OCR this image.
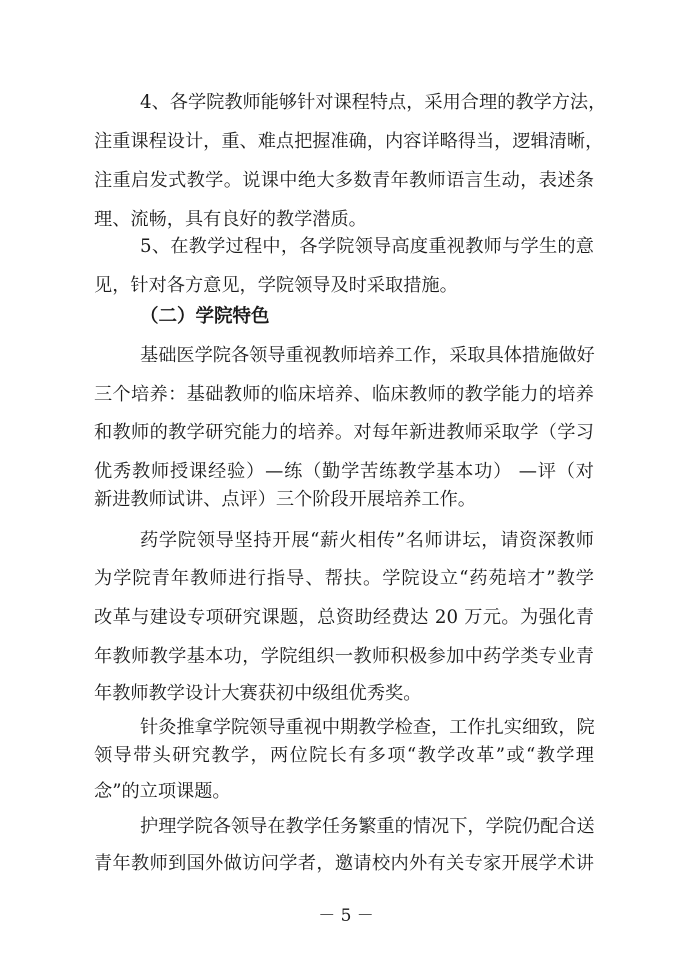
4、各学院教师能够针对课程特点，采用合理的教学方法，
注重课程设计，重、难点把握准确，内容详略得当，逻辑清晰，
注重启发式教学。说课中绝大多数青年教师语言生动，表述条
理、流畅，具有良好的教学潜质。
5、在教学过程中，各学院领导高度重视教师与学生的意
见，针对各方意见，学院领导及时采取措施。
（二）学院特色
基础医学院各领导重视教师培养工作，采取具体措施做好
三个培养：基础教师的临床培养、临床教师的教学能力的培养
和教师的教学研究能力的培养。对每年新进教师采取学（学习
优秀教师授课经验）—练（勤学苦练教学基本功） —评（对
新进教师试讲、点评）三个阶段开展培养工作。
药学院领导坚持开展“薪火相传”名师讲坛，请资深教师
为学院青年教师进行指导、帮扶。学院设立“药苑培才”教学
改革与建设专项研究课题，总资助经费达 20 万元。为强化青
年教师教学基本功，学院组织一教师积极参加中药学类专业青
年教师教学设计大赛获初中级组优秀奖。
针灸推拿学院领导重视中期教学检查，工作扎实细致，院
领导带头研究教学，两位院长有多项“教学改革”或“教学理
念”的立项课题。
护理学院各领导在教学任务繁重的情况下，学院仍配合送
青年教师到国外做访问学者，邀请校内外有关专家开展学术讲
－ 5 －
